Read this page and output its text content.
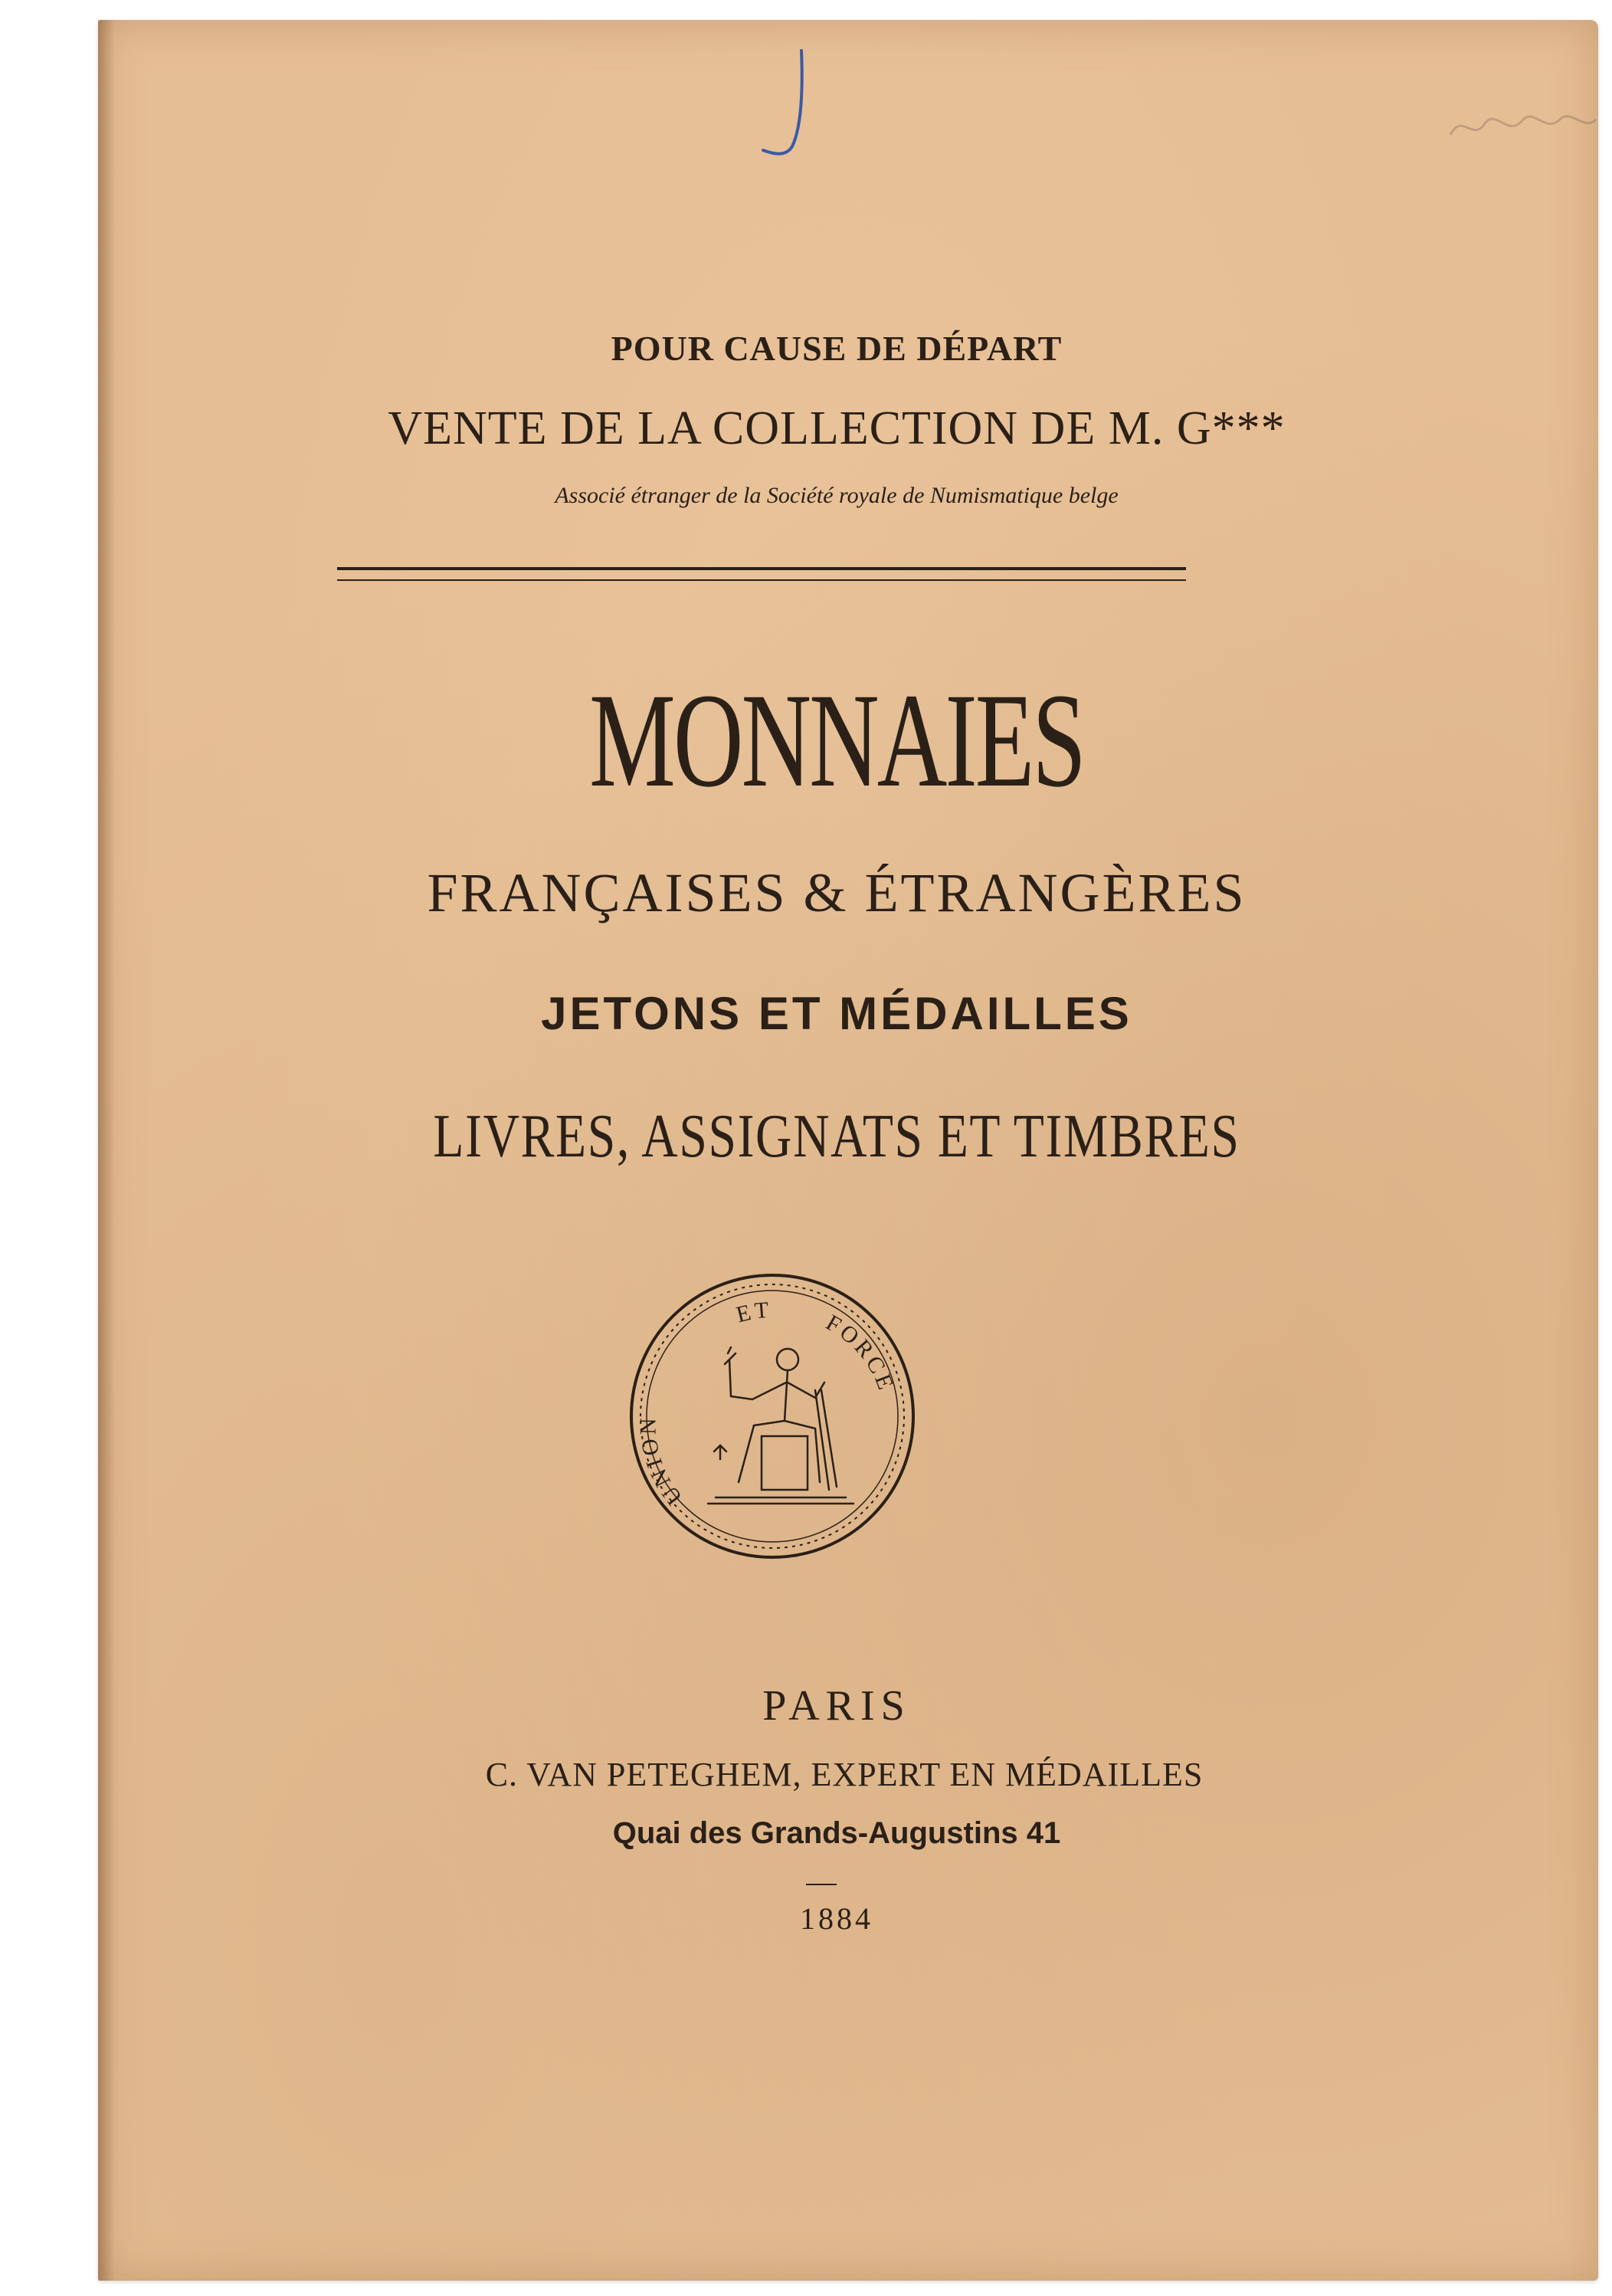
POUR CAUSE DE DÉPART
VENTE DE LA COLLECTION DE M. G***
Associé étranger de la Société royale de Numismatique belge
MONNAIES
FRANÇAISES & ÉTRANGÈRES
JETONS ET MÉDAILLES
LIVRES, ASSIGNATS ET TIMBRES
UNION
ET FORCE
PARIS
C. VAN PETEGHEM, EXPERT EN MÉDAILLES
Quai des Grands-Augustins 41
1884
